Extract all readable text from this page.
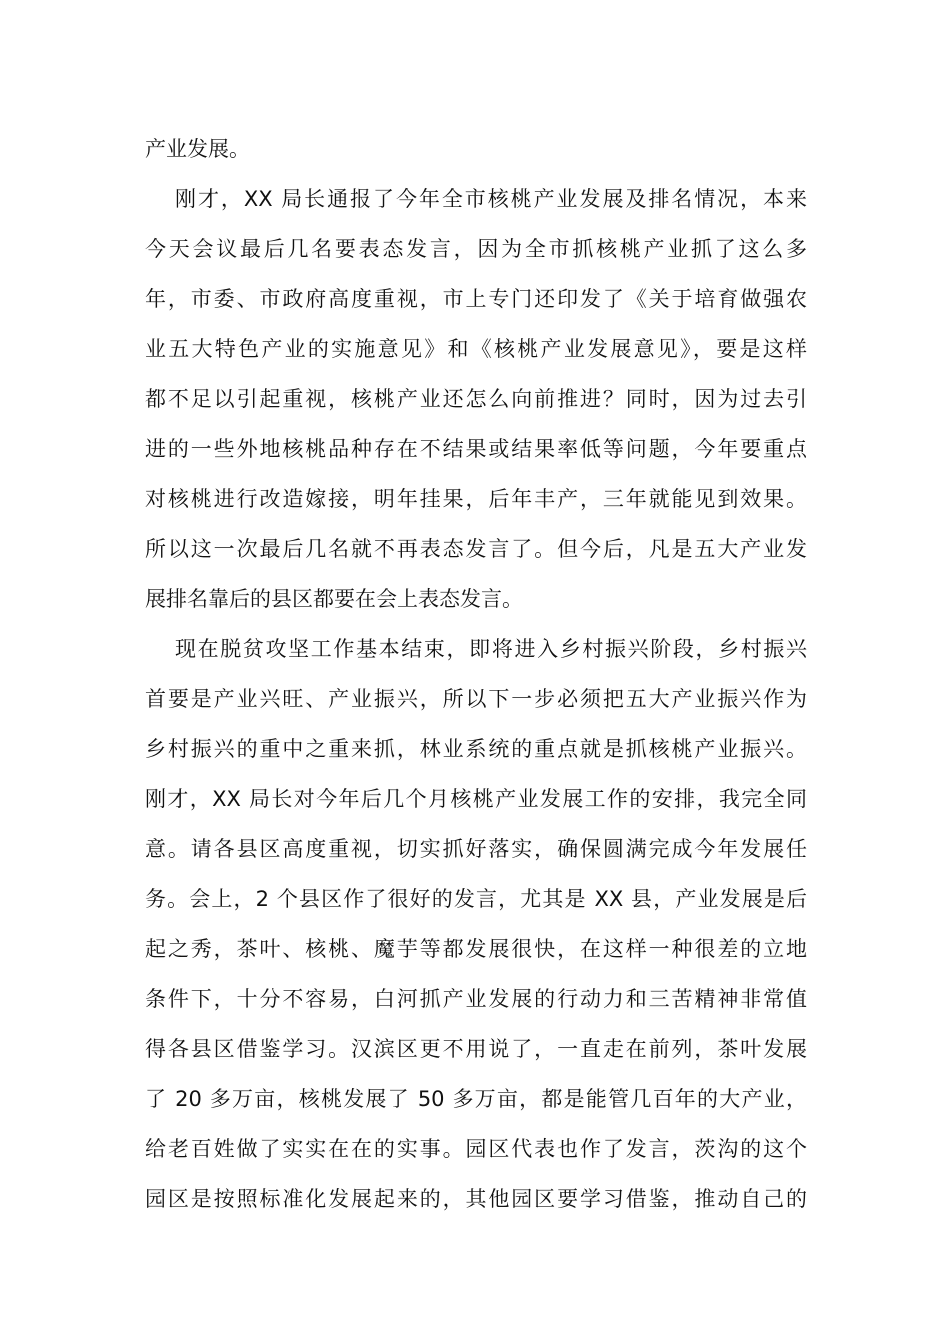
产业发展。
刚才，XX 局长通报了今年全市核桃产业发展及排名情况，本来
今天会议最后几名要表态发言，因为全市抓核桃产业抓了这么多
年，市委、市政府高度重视，市上专门还印发了《关于培育做强农
业五大特色产业的实施意见》和《核桃产业发展意见》，要是这样
都不足以引起重视，核桃产业还怎么向前推进？同时，因为过去引
进的一些外地核桃品种存在不结果或结果率低等问题，今年要重点
对核桃进行改造嫁接，明年挂果，后年丰产，三年就能见到效果。
所以这一次最后几名就不再表态发言了。但今后，凡是五大产业发
展排名靠后的县区都要在会上表态发言。
现在脱贫攻坚工作基本结束，即将进入乡村振兴阶段，乡村振兴
首要是产业兴旺、产业振兴，所以下一步必须把五大产业振兴作为
乡村振兴的重中之重来抓，林业系统的重点就是抓核桃产业振兴。
刚才，XX 局长对今年后几个月核桃产业发展工作的安排，我完全同
意。请各县区高度重视，切实抓好落实，确保圆满完成今年发展任
务。会上，2 个县区作了很好的发言，尤其是 XX 县，产业发展是后
起之秀，茶叶、核桃、魔芋等都发展很快，在这样一种很差的立地
条件下，十分不容易，白河抓产业发展的行动力和三苦精神非常值
得各县区借鉴学习。汉滨区更不用说了，一直走在前列，茶叶发展
了 20 多万亩，核桃发展了 50 多万亩，都是能管几百年的大产业，
给老百姓做了实实在在的实事。园区代表也作了发言，茨沟的这个
园区是按照标准化发展起来的，其他园区要学习借鉴，推动自己的
